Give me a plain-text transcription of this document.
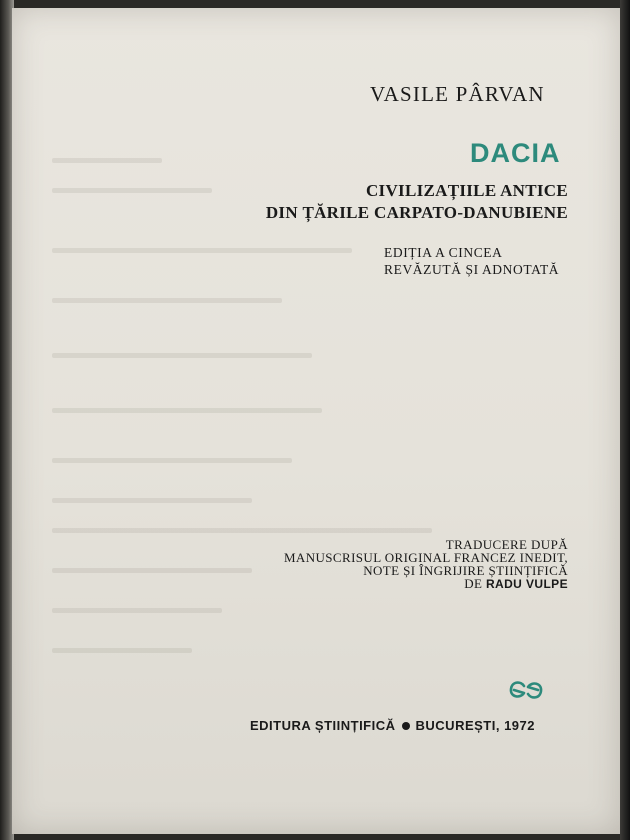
VASILE PÂRVAN
DACIA
CIVILIZAȚIILE ANTICE
DIN ȚĂRILE CARPATO-DANUBIENE
EDIȚIA A CINCEA
REVĂZUTĂ ȘI ADNOTATĂ
TRADUCERE DUPĂ
MANUSCRISUL ORIGINAL FRANCEZ INEDIT,
NOTE ȘI ÎNGRIJIRE ȘTIINȚIFICĂ
DE RADU VULPE
EDITURA ȘTIINȚIFICĂ BUCUREȘTI, 1972
